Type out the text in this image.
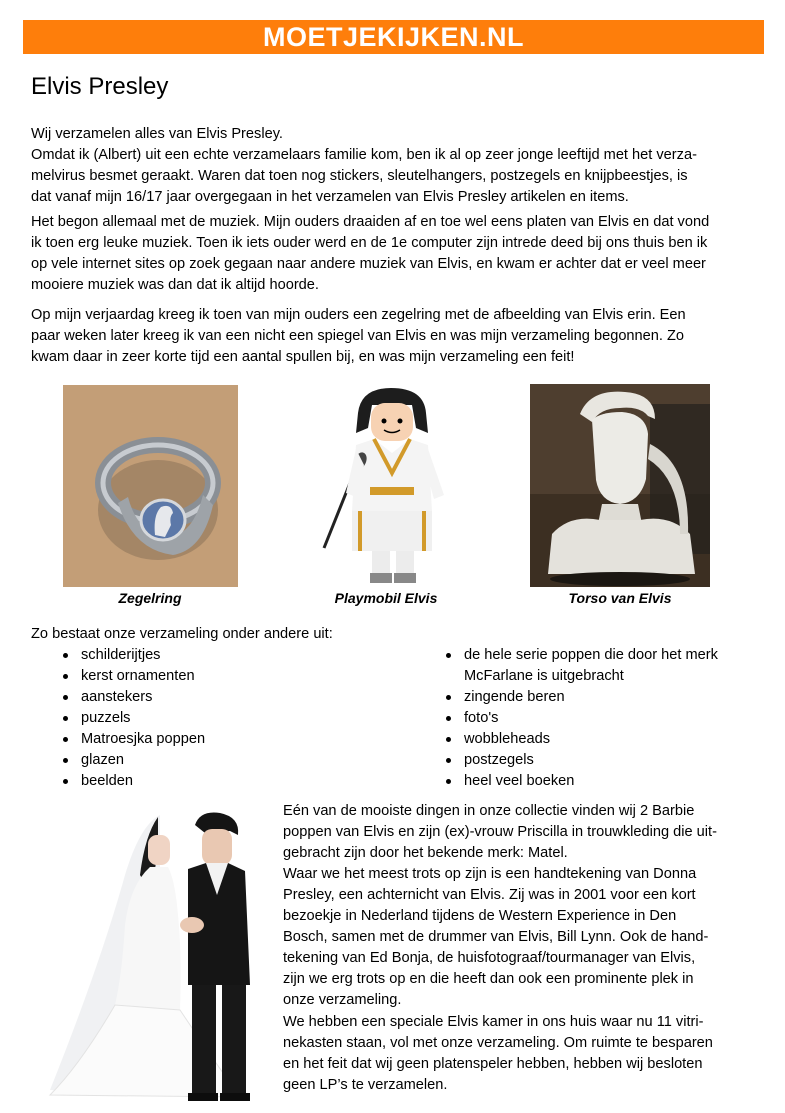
MOETJEKIJKEN.NL
Elvis Presley

Wij verzamelen alles van Elvis Presley.
Omdat ik (Albert) uit een echte verzamelaars familie kom, ben ik al op zeer jonge leeftijd met het verza-
melvirus besmet geraakt. Waren dat toen nog stickers, sleutelhangers, postzegels en knijpbeestjes, is
dat vanaf mijn 16/17 jaar overgegaan in het verzamelen van Elvis Presley artikelen en items.

Het begon allemaal met de muziek. Mijn ouders draaiden af en toe wel eens platen van Elvis en dat vond
ik toen erg leuke muziek. Toen ik iets ouder werd en de 1e computer zijn intrede deed bij ons thuis ben ik
op vele internet sites op zoek gegaan naar andere muziek van Elvis, en kwam er achter dat er veel meer
mooiere muziek was dan dat ik altijd hoorde.

Op mijn verjaardag kreeg ik toen van mijn ouders een zegelring met de afbeelding van Elvis erin. Een
paar weken later kreeg ik van een nicht een spiegel van Elvis en was mijn verzameling begonnen. Zo
kwam daar in zeer korte tijd een aantal spullen bij, en was mijn verzameling een feit!

Zegelring	Playmobil Elvis	Torso van Elvis

Zo bestaat onze verzameling onder andere uit:

schilderijtjes
kerst ornamenten
aanstekers
puzzels
Matroesjka poppen
glazen
beelden
de hele serie poppen die door het merk
McFarlane is uitgebracht
zingende beren
foto's
wobbleheads
postzegels
heel veel boeken

Eén van de mooiste dingen in onze collectie vinden wij 2 Barbie
poppen van Elvis en zijn (ex)-vrouw Priscilla in trouwkleding die uit-
gebracht zijn door het bekende merk: Matel.
Waar we het meest trots op zijn is een handtekening van Donna
Presley, een achternicht van Elvis. Zij was in 2001 voor een kort
bezoekje in Nederland tijdens de Western Experience in Den
Bosch, samen met de drummer van Elvis, Bill Lynn. Ook de hand-
tekening van Ed Bonja, de huisfotograaf/tourmanager van Elvis,
zijn we erg trots op en die heeft dan ook een prominente plek in
onze verzameling.

We hebben een speciale Elvis kamer in ons huis waar nu 11 vitri-
nekasten staan, vol met onze verzameling. Om ruimte te besparen
en het feit dat wij geen platenspeler hebben, hebben wij besloten
geen LP’s te verzamelen.
